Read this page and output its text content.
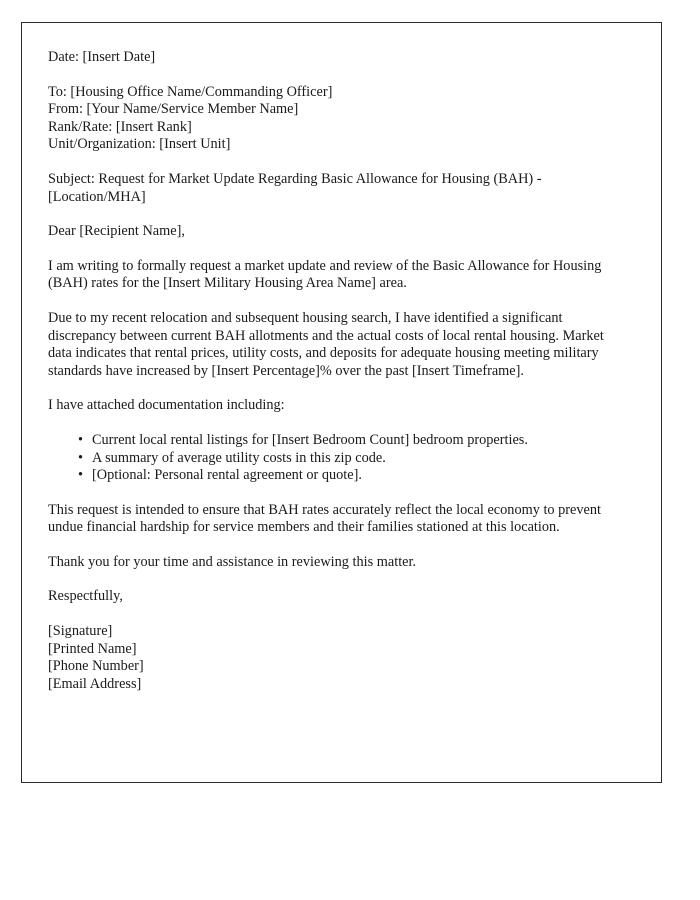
Date: [Insert Date]
To: [Housing Office Name/Commanding Officer]
From: [Your Name/Service Member Name]
Rank/Rate: [Insert Rank]
Unit/Organization: [Insert Unit]

Subject: Request for Market Update Regarding Basic Allowance for Housing (BAH) - [Location/MHA]

Dear [Recipient Name],

I am writing to formally request a market update and review of the Basic Allowance for Housing (BAH) rates for the [Insert Military Housing Area Name] area.

Due to my recent relocation and subsequent housing search, I have identified a significant discrepancy between current BAH allotments and the actual costs of local rental housing. Market data indicates that rental prices, utility costs, and deposits for adequate housing meeting military standards have increased by [Insert Percentage]% over the past [Insert Timeframe].

I have attached documentation including:

• Current local rental listings for [Insert Bedroom Count] bedroom properties.
• A summary of average utility costs in this zip code.
• [Optional: Personal rental agreement or quote].

This request is intended to ensure that BAH rates accurately reflect the local economy to prevent undue financial hardship for service members and their families stationed at this location.

Thank you for your time and assistance in reviewing this matter.

Respectfully,

[Signature]
[Printed Name]
[Phone Number]
[Email Address]
